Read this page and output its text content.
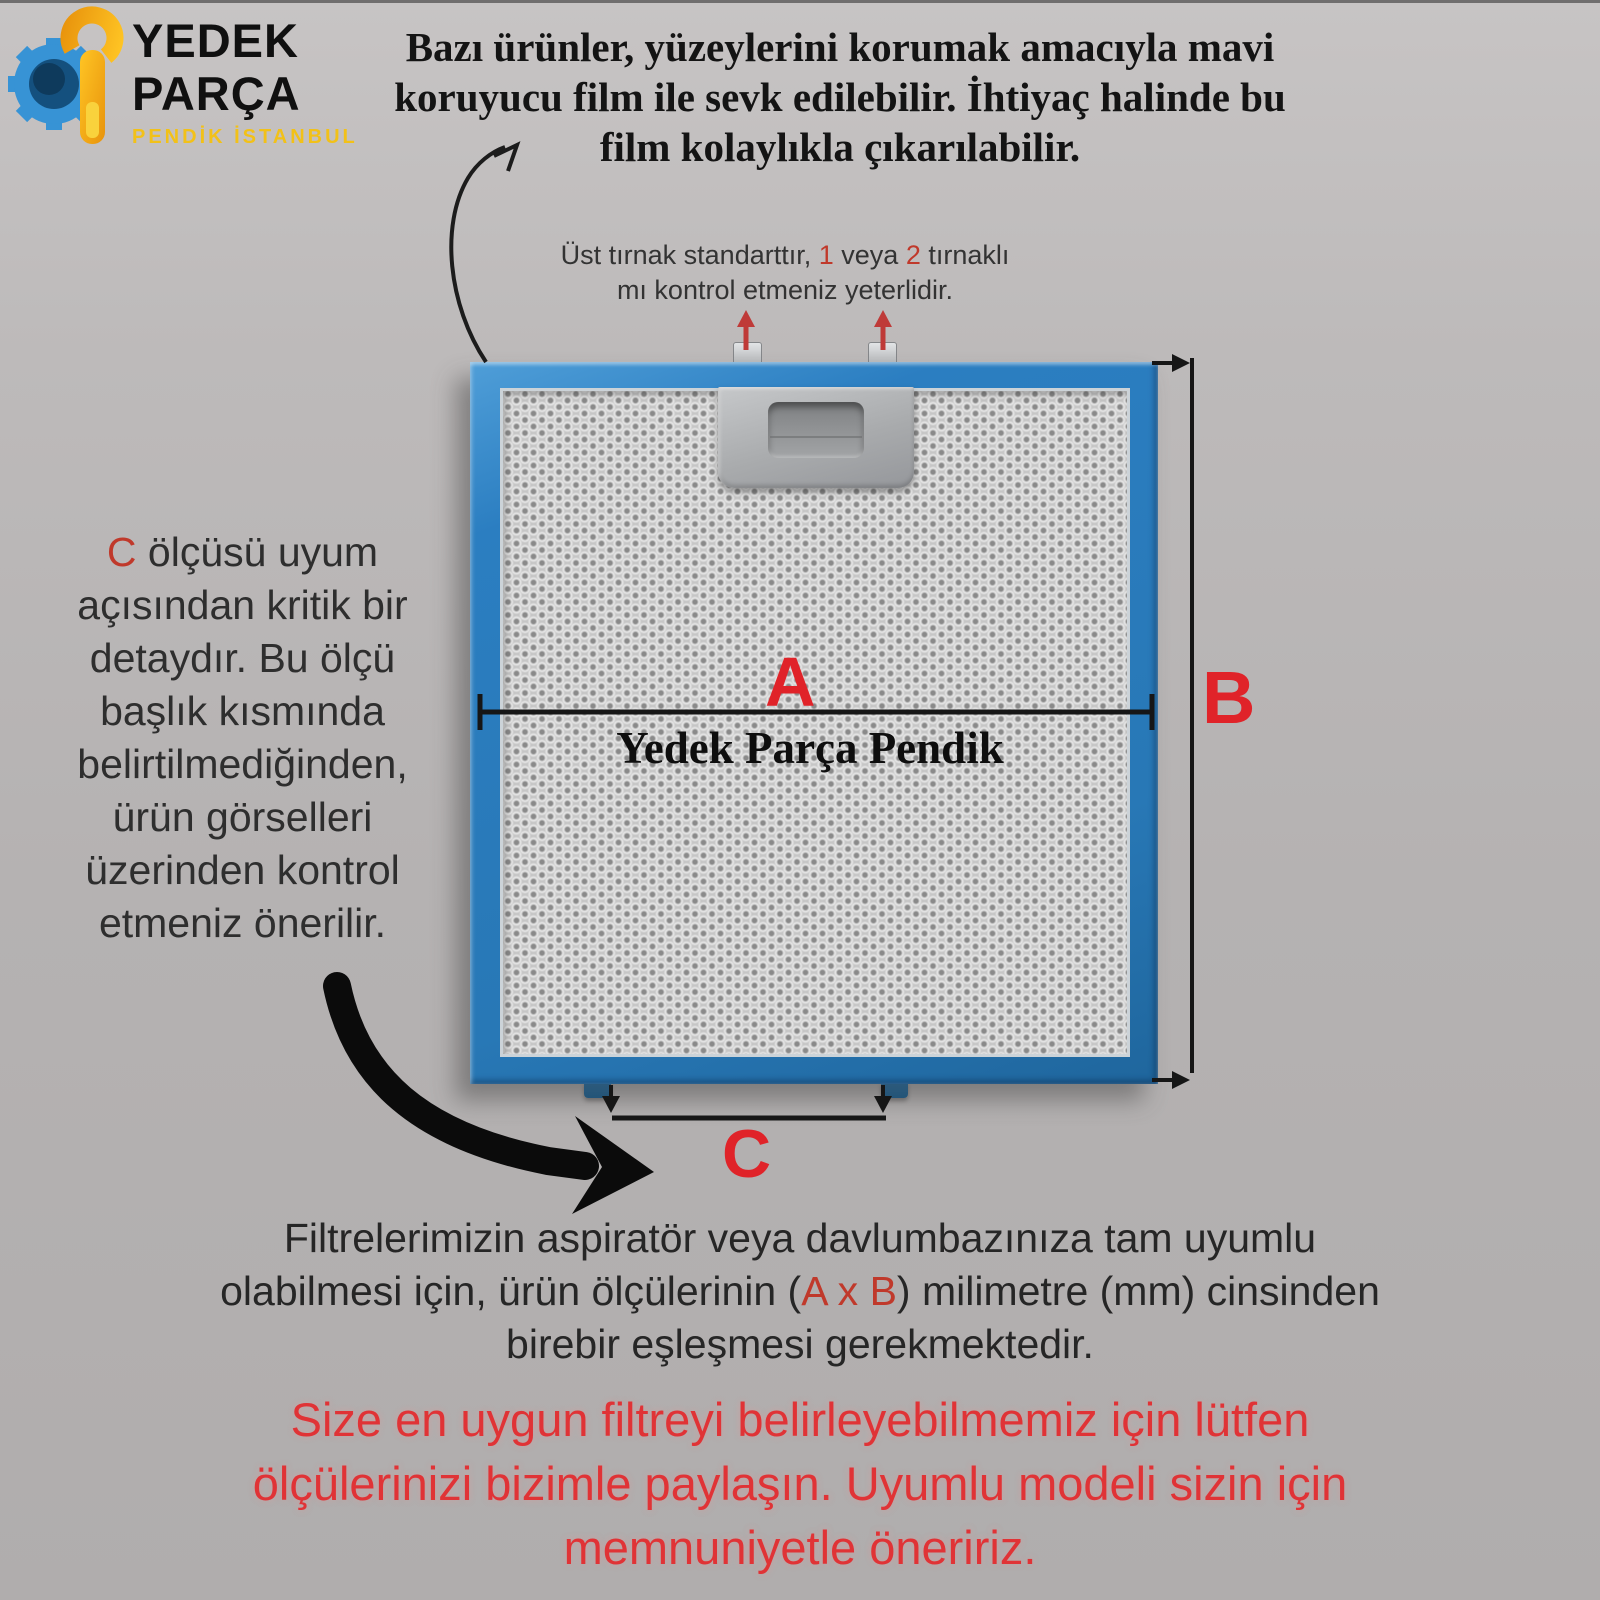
YEDEK
PARÇA
PENDİK İSTANBUL
Bazı ürünler, yüzeylerini korumak amacıyla mavi
koruyucu film ile sevk edilebilir. İhtiyaç halinde bu
film kolaylıkla çıkarılabilir.
Üst tırnak standarttır, 1 veya 2 tırnaklı
mı kontrol etmeniz yeterlidir.
A	B
C
Yedek Parça Pendik
C ölçüsü uyum
açısından kritik bir
detaydır. Bu ölçü
başlık kısmında
belirtilmediğinden,
ürün görselleri
üzerinden kontrol
etmeniz önerilir.
Filtrelerimizin aspiratör veya davlumbazınıza tam uyumlu
olabilmesi için, ürün ölçülerinin (A x B) milimetre (mm) cinsinden
birebir eşleşmesi gerekmektedir.
Size en uygun filtreyi belirleyebilmemiz için lütfen
ölçülerinizi bizimle paylaşın. Uyumlu modeli sizin için
memnuniyetle öneririz.
